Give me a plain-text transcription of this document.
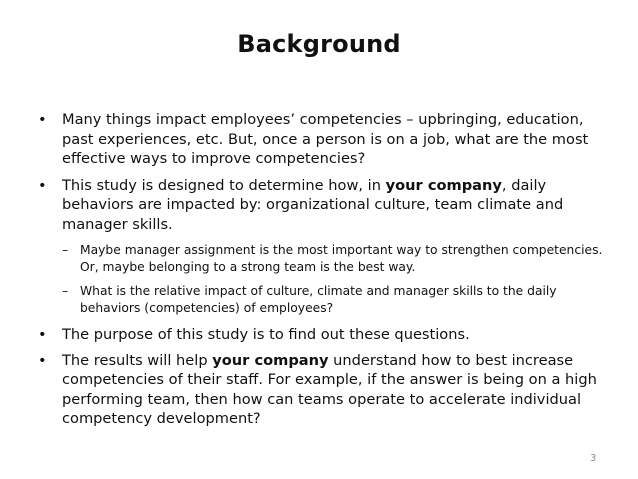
Background

• Many things impact employees’ competencies – upbringing, education, past experiences, etc. But, once a person is on a job, what are the most effective ways to improve competencies?

• This study is designed to determine how, in your company, daily behaviors are impacted by: organizational culture, team climate and manager skills.

– Maybe manager assignment is the most important way to strengthen competencies. Or, maybe belonging to a strong team is the best way.

– What is the relative impact of culture, climate and manager skills to the daily behaviors (competencies) of employees?

• The purpose of this study is to find out these questions.

• The results will help your company understand how to best increase competencies of their staff. For example, if the answer is being on a high performing team, then how can teams operate to accelerate individual competency development?

3
